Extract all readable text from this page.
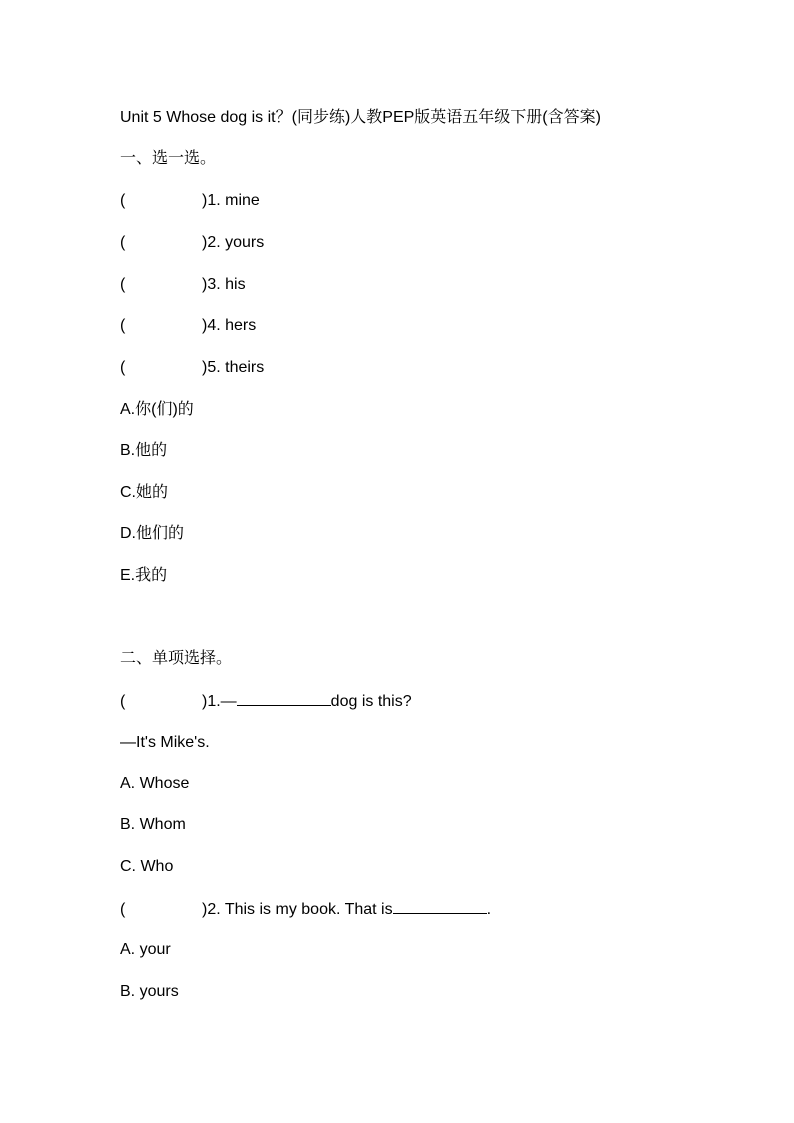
Unit 5 Whose dog is it？(同步练)人教PEP版英语五年级下册(含答案)
一、选一选。
(	)1. mine
(	)2. yours
(	)3. his
(	)4. hers
(	)5. theirs
A.你(们)的
B.他的
C.她的
D.他们的
E.我的
二、单项选择。
(	)1.—	dog is this?
—It's Mike's.
A. Whose
B. Whom
C. Who
(	)2. This is my book. That is	.
A. your
B. yours
